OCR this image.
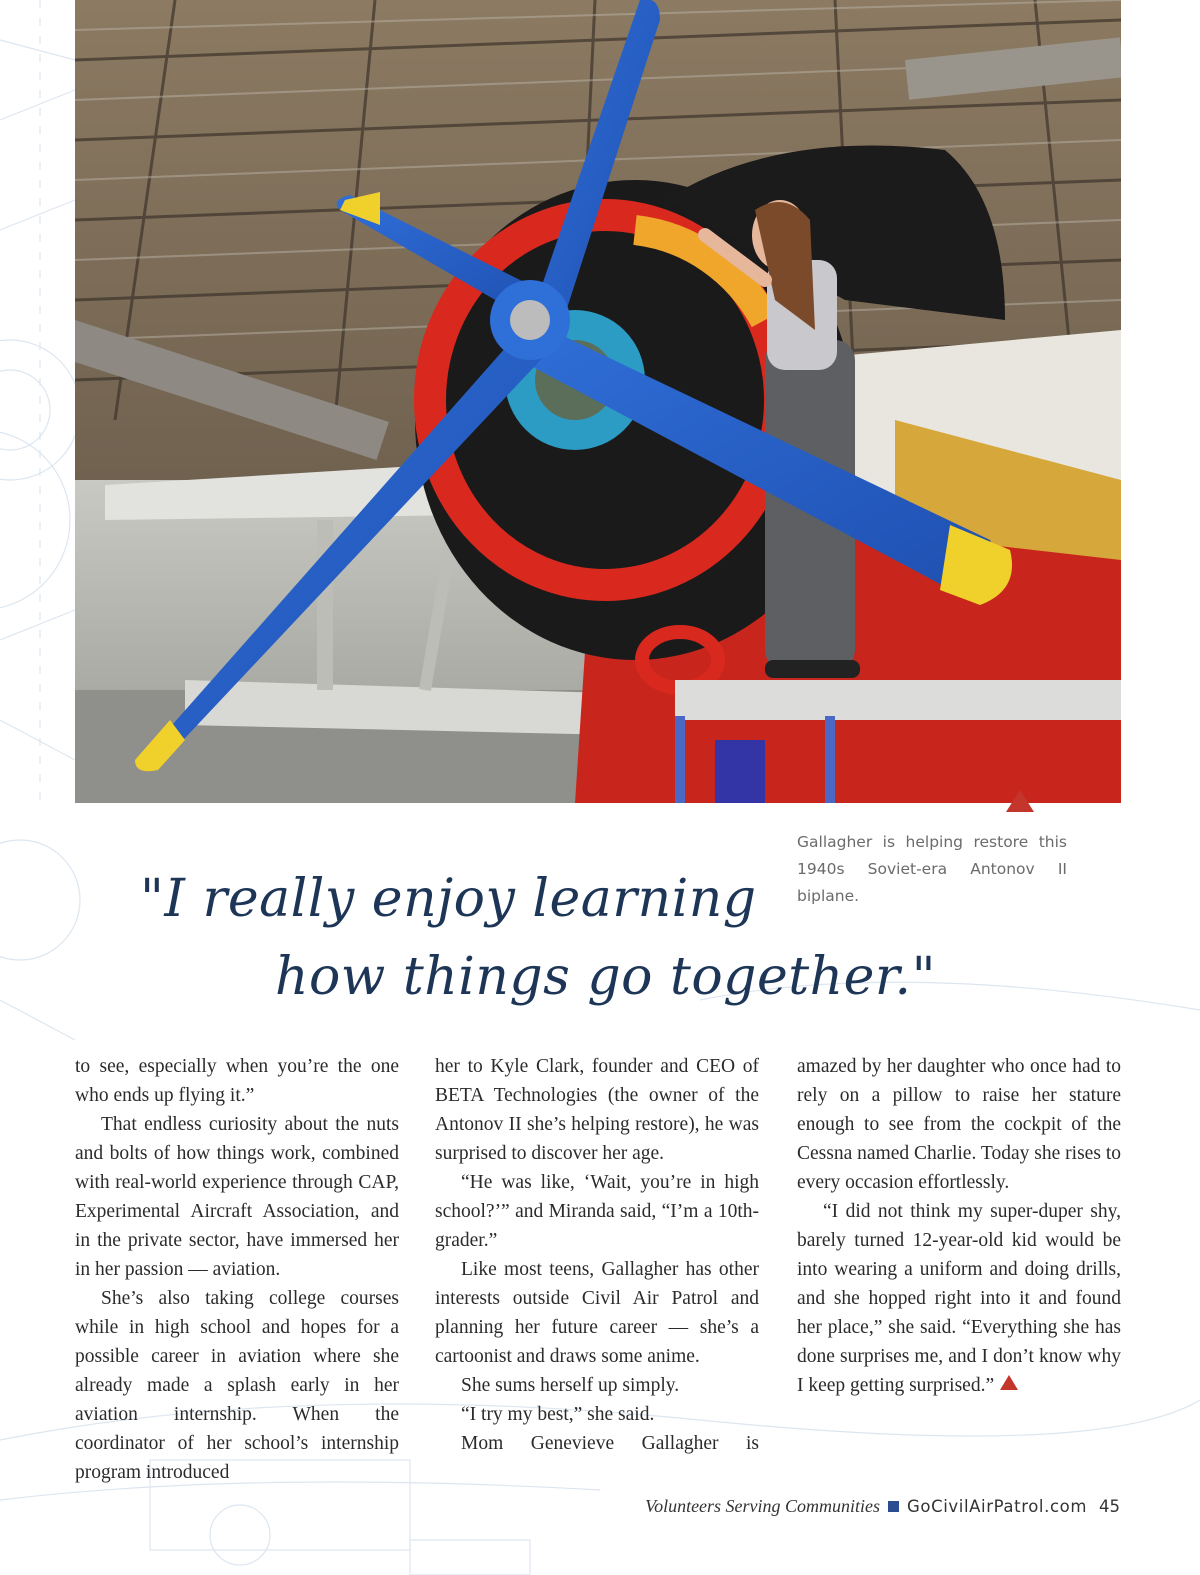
Gallagher is helping restore this 1940s Soviet-era Antonov II biplane.
"I really enjoy learning
how things go together."

to see, especially when you’re the one who ends up flying it.”

That endless curiosity about the nuts and bolts of how things work, combined with real-world experience through CAP, Experimental Aircraft Association, and in the private sector, have immersed her in her passion — aviation.

She’s also taking college courses while in high school and hopes for a possible career in aviation where she already made a splash early in her aviation internship. When the coordinator of her school’s internship program introduced

her to Kyle Clark, founder and CEO of BETA Technologies (the owner of the Antonov II she’s helping restore), he was surprised to discover her age.

“He was like, ‘Wait, you’re in high school?’” and Miranda said, “I’m a 10th-grader.”

Like most teens, Gallagher has other interests outside Civil Air Patrol and planning her future career — she’s a cartoonist and draws some anime.

She sums herself up simply.

“I try my best,” she said.

Mom Genevieve Gallagher is

amazed by her daughter who once had to rely on a pillow to raise her stature enough to see from the cockpit of the Cessna named Charlie. Today she rises to every occasion effortlessly.

“I did not think my super-duper shy, barely turned 12-year-old kid would be into wearing a uniform and doing drills, and she hopped right into it and found her place,” she said. “Everything she has done surprises me, and I don’t know why I keep getting surprised.”

Volunteers Serving Communities GoCivilAirPatrol.com 45
